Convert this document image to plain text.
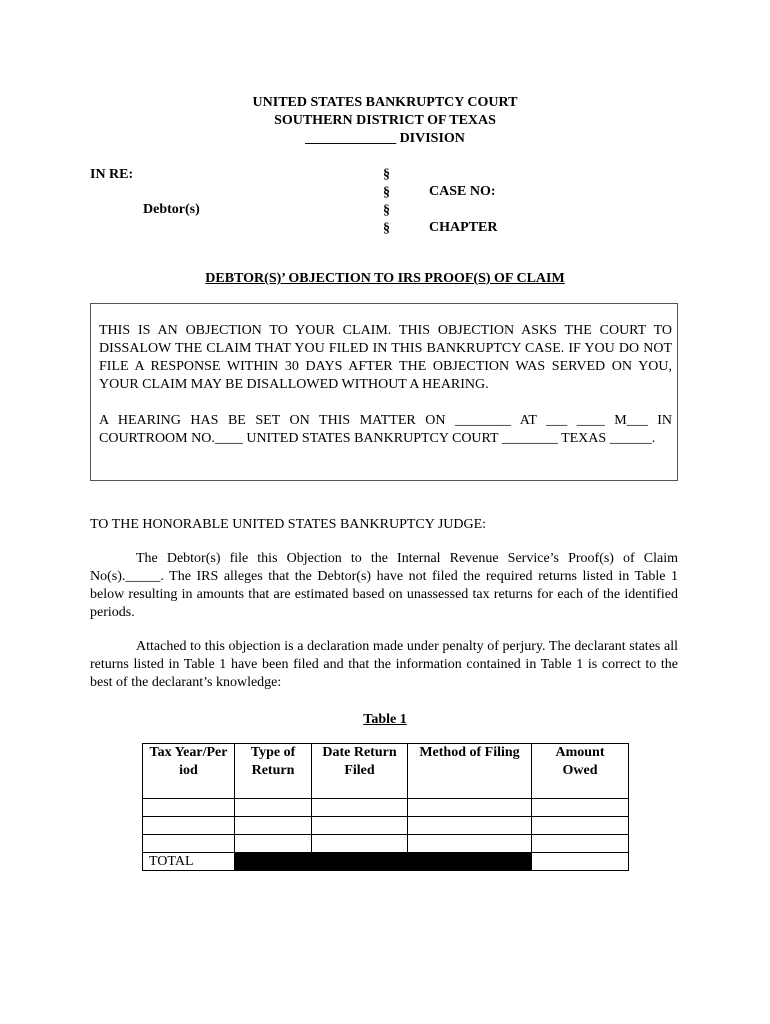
UNITED STATES BANKRUPTCY COURT
SOUTHERN DISTRICT OF TEXAS
_____________ DIVISION
IN RE:
Debtor(s)
§
§
§
§
CASE NO:
CHAPTER
DEBTOR(S)’ OBJECTION TO IRS PROOF(S) OF CLAIM

THIS IS AN OBJECTION TO YOUR CLAIM. THIS OBJECTION ASKS THE COURT TO DISSALOW THE CLAIM THAT YOU FILED IN THIS BANKRUPTCY CASE. IF YOU DO NOT FILE A RESPONSE WITHIN 30 DAYS AFTER THE OBJECTION WAS SERVED ON YOU, YOUR CLAIM MAY BE DISALLOWED WITHOUT A HEARING.

A HEARING HAS BE SET ON THIS MATTER ON ________ AT ___ ____ M___ IN COURTROOM NO.____ UNITED STATES BANKRUPTCY COURT ________ TEXAS ______.

TO THE HONORABLE UNITED STATES BANKRUPTCY JUDGE:

The Debtor(s) file this Objection to the Internal Revenue Service’s Proof(s) of Claim No(s)._____. The IRS alleges that the Debtor(s) have not filed the required returns listed in Table 1 below resulting in amounts that are estimated based on unassessed tax returns for each of the identified periods.

Attached to this objection is a declaration made under penalty of perjury. The declarant states all returns listed in Table 1 have been filed and that the information contained in Table 1 is correct to the best of the declarant’s knowledge:

Table 1
Tax Year/Period	Type of Return	Date Return Filed	Method of Filing	Amount Owed

TOTAL				
